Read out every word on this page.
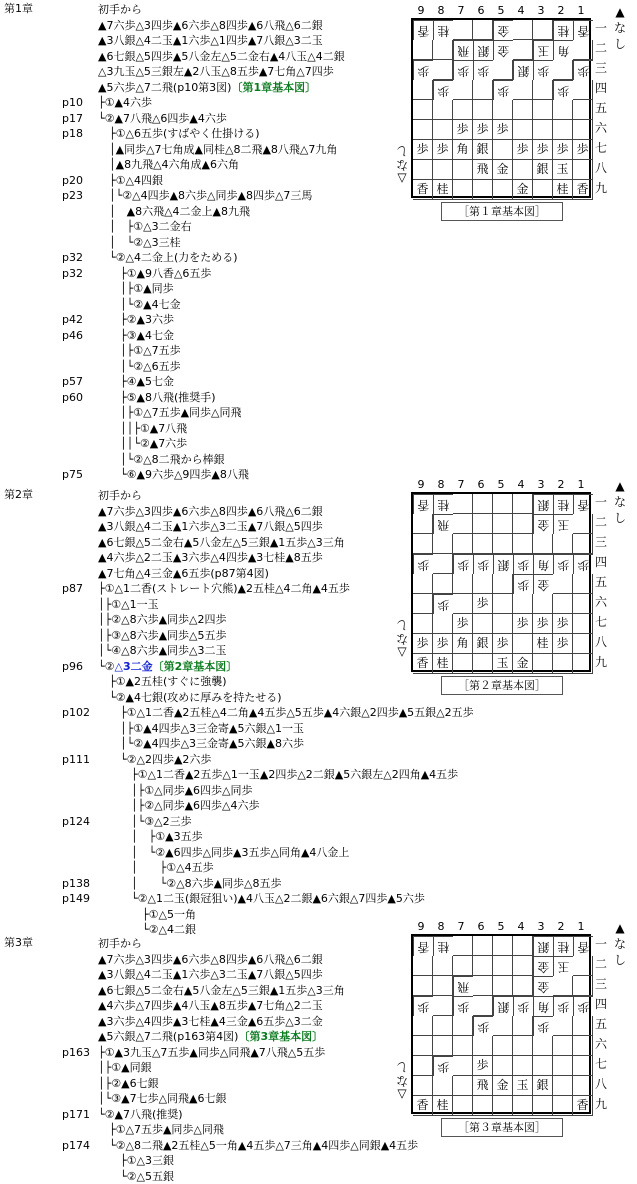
第1章	初手から
▲7六歩△3四歩▲6六歩△8四歩▲6八飛△6二銀
▲3八銀△4二玉▲1六歩△1四歩▲7八銀△3二玉
▲6七銀△5四歩▲5八金左△5二金右▲4八玉△4二銀
△3九玉△5三銀左▲2八玉△8五歩▲7七角△7四歩
▲5六歩△7二飛(p10第3図)〔第1章基本図〕
p10 ├①▲4六歩
p17 └②▲7八飛△6四歩▲4六歩
p18 　├①△6五歩(すばやく仕掛ける)
　│▲同歩△7七角成▲同桂△8二飛▲8八飛△7九角
　│▲8九飛△4六角成▲6六角
p20 　├①△4四銀
p23 　│└②△4四歩▲8六歩△同歩▲8四歩△7三馬
　│　▲8六飛△4二金上▲8九飛
　│　├①△3二金右
　│　└②△3三桂
p32 　└②△4二金上(力をためる)
p32 　　├①▲9八香△6五歩
　　│├①▲同歩
　　│└②▲4七金
p42 　　├②▲3六歩
p46 　　├③▲4七金
　　│├①△7五歩
　　│└②△6五歩
p57 　　├④▲5七金
p60 　　├⑤▲8八飛(推奨手)
　　│├①△7五歩▲同歩△同飛
　　││├①▲7八飛
　　││└②▲7六歩
　　│└②△8二飛から棒銀
p75 　　└⑥▲9六歩△9四歩▲8八飛
9	8	7	6	5	4	3	2	1
香 桂	金	桂 香
飛 銀 金	玉 角
歩	歩 歩	銀 歩	歩
歩	歩	歩
歩 歩 歩
歩 歩 角 銀	歩 歩 歩 歩
飛 金	銀 玉
香 桂	金	桂 香
一
二
三
四
五
六
七
八
九
▲なし
△なし
［第１章基本図］
第2章	初手から
▲7六歩△3四歩▲6六歩△8四歩▲6八飛△6二銀
▲3八銀△4二玉▲1六歩△3二玉▲7八銀△5四歩
▲6七銀△5二金右▲5八金左△5三銀▲1五歩△3三角
▲4六歩△2二玉▲3六歩△4四歩▲3七桂▲8五歩
▲7七角△4三金▲6五歩(p87第4図)
p87 ├①△1二香(ストレート穴熊)▲2五桂△4二角▲4五歩
│├①△1一玉
│├②△8六歩▲同歩△2四歩
│├③△8六歩▲同歩△5五歩
│└④△8六歩▲同歩△3二玉
p96 └②△3二金〔第2章基本図〕
　├①▲2五桂(すぐに強襲)
　└②▲4七銀(攻めに厚みを持たせる)
p102 　　├①△1二香▲2五桂△4二角▲4五歩△5五歩▲4六銀△2四歩▲5五銀△2五歩
　　│├①▲4四歩△3三金寄▲5六銀△1一玉
　　│└②▲4四歩△3三金寄▲5六銀▲8六歩
p111 　　└②△2四歩▲2六歩
　　　├①△1二香▲2五歩△1一玉▲2四歩△2二銀▲5六銀左△2四角▲4五歩
　　　│├①△同歩▲6四歩△同歩
　　　│├②△同歩▲6四歩△4六歩
p124 　　　│└③△2三歩
　　　│　├①▲3五歩
　　　│　└②▲6四歩△同歩▲3五歩△同角▲4八金上
　　　│　　├①△4五歩
p138 　　　│　　└②△8六歩▲同歩△8五歩
p149 　　　└②△1二玉(銀冠狙い)▲4八玉△2二銀▲6六銀△7四歩▲5六歩
　　　　├①△5一角
　　　　└②△4二銀
9	8	7	6	5	4	3	2	1
香 桂	銀 桂 香
飛	金 玉
歩	歩 歩 銀 歩 角 歩 歩
歩 金
歩 歩
歩	歩 歩 歩
歩 歩 角 銀 歩	桂 歩
香 桂	玉 金
一
二
三
四
五
六
七
八
九
▲なし
△なし
［第２章基本図］
第3章	初手から
▲7六歩△3四歩▲6六歩△8四歩▲6八飛△6二銀
▲3八銀△4二玉▲1六歩△3二玉▲7八銀△5四歩
▲6七銀△5二金右▲5八金左△5三銀▲1五歩△3三角
▲4六歩△7四歩▲4八玉▲8五歩▲7七角△2二玉
▲3六歩△4四歩▲3七桂▲4三金▲6五歩△3二金
▲5六銀△7二飛(p163第4図)〔第3章基本図〕
p163 ├①▲3九玉△7五歩▲同歩△同飛▲7八飛△5五歩
│├①▲同銀
│├②▲6七銀
│└③▲7七歩△同飛▲6七銀
p171 └②▲7八飛(推奨)
　├①△7五歩▲同歩△同飛
p174 　└②△8二飛▲2五桂△5一角▲4五歩△7三角▲4四歩△同銀▲4五歩
　　├①△3三銀
　　└②△5五銀
9	8	7	6	5	4	3	2	1
香 桂	銀 桂 香
金 玉
飛	金
歩	歩	銀 歩 角 歩 歩
歩	歩
歩 歩
飛 金 玉 銀
香 桂	香
一
二
三
四
五
六
七
八
九
▲なし
△なし
［第３章基本図］
